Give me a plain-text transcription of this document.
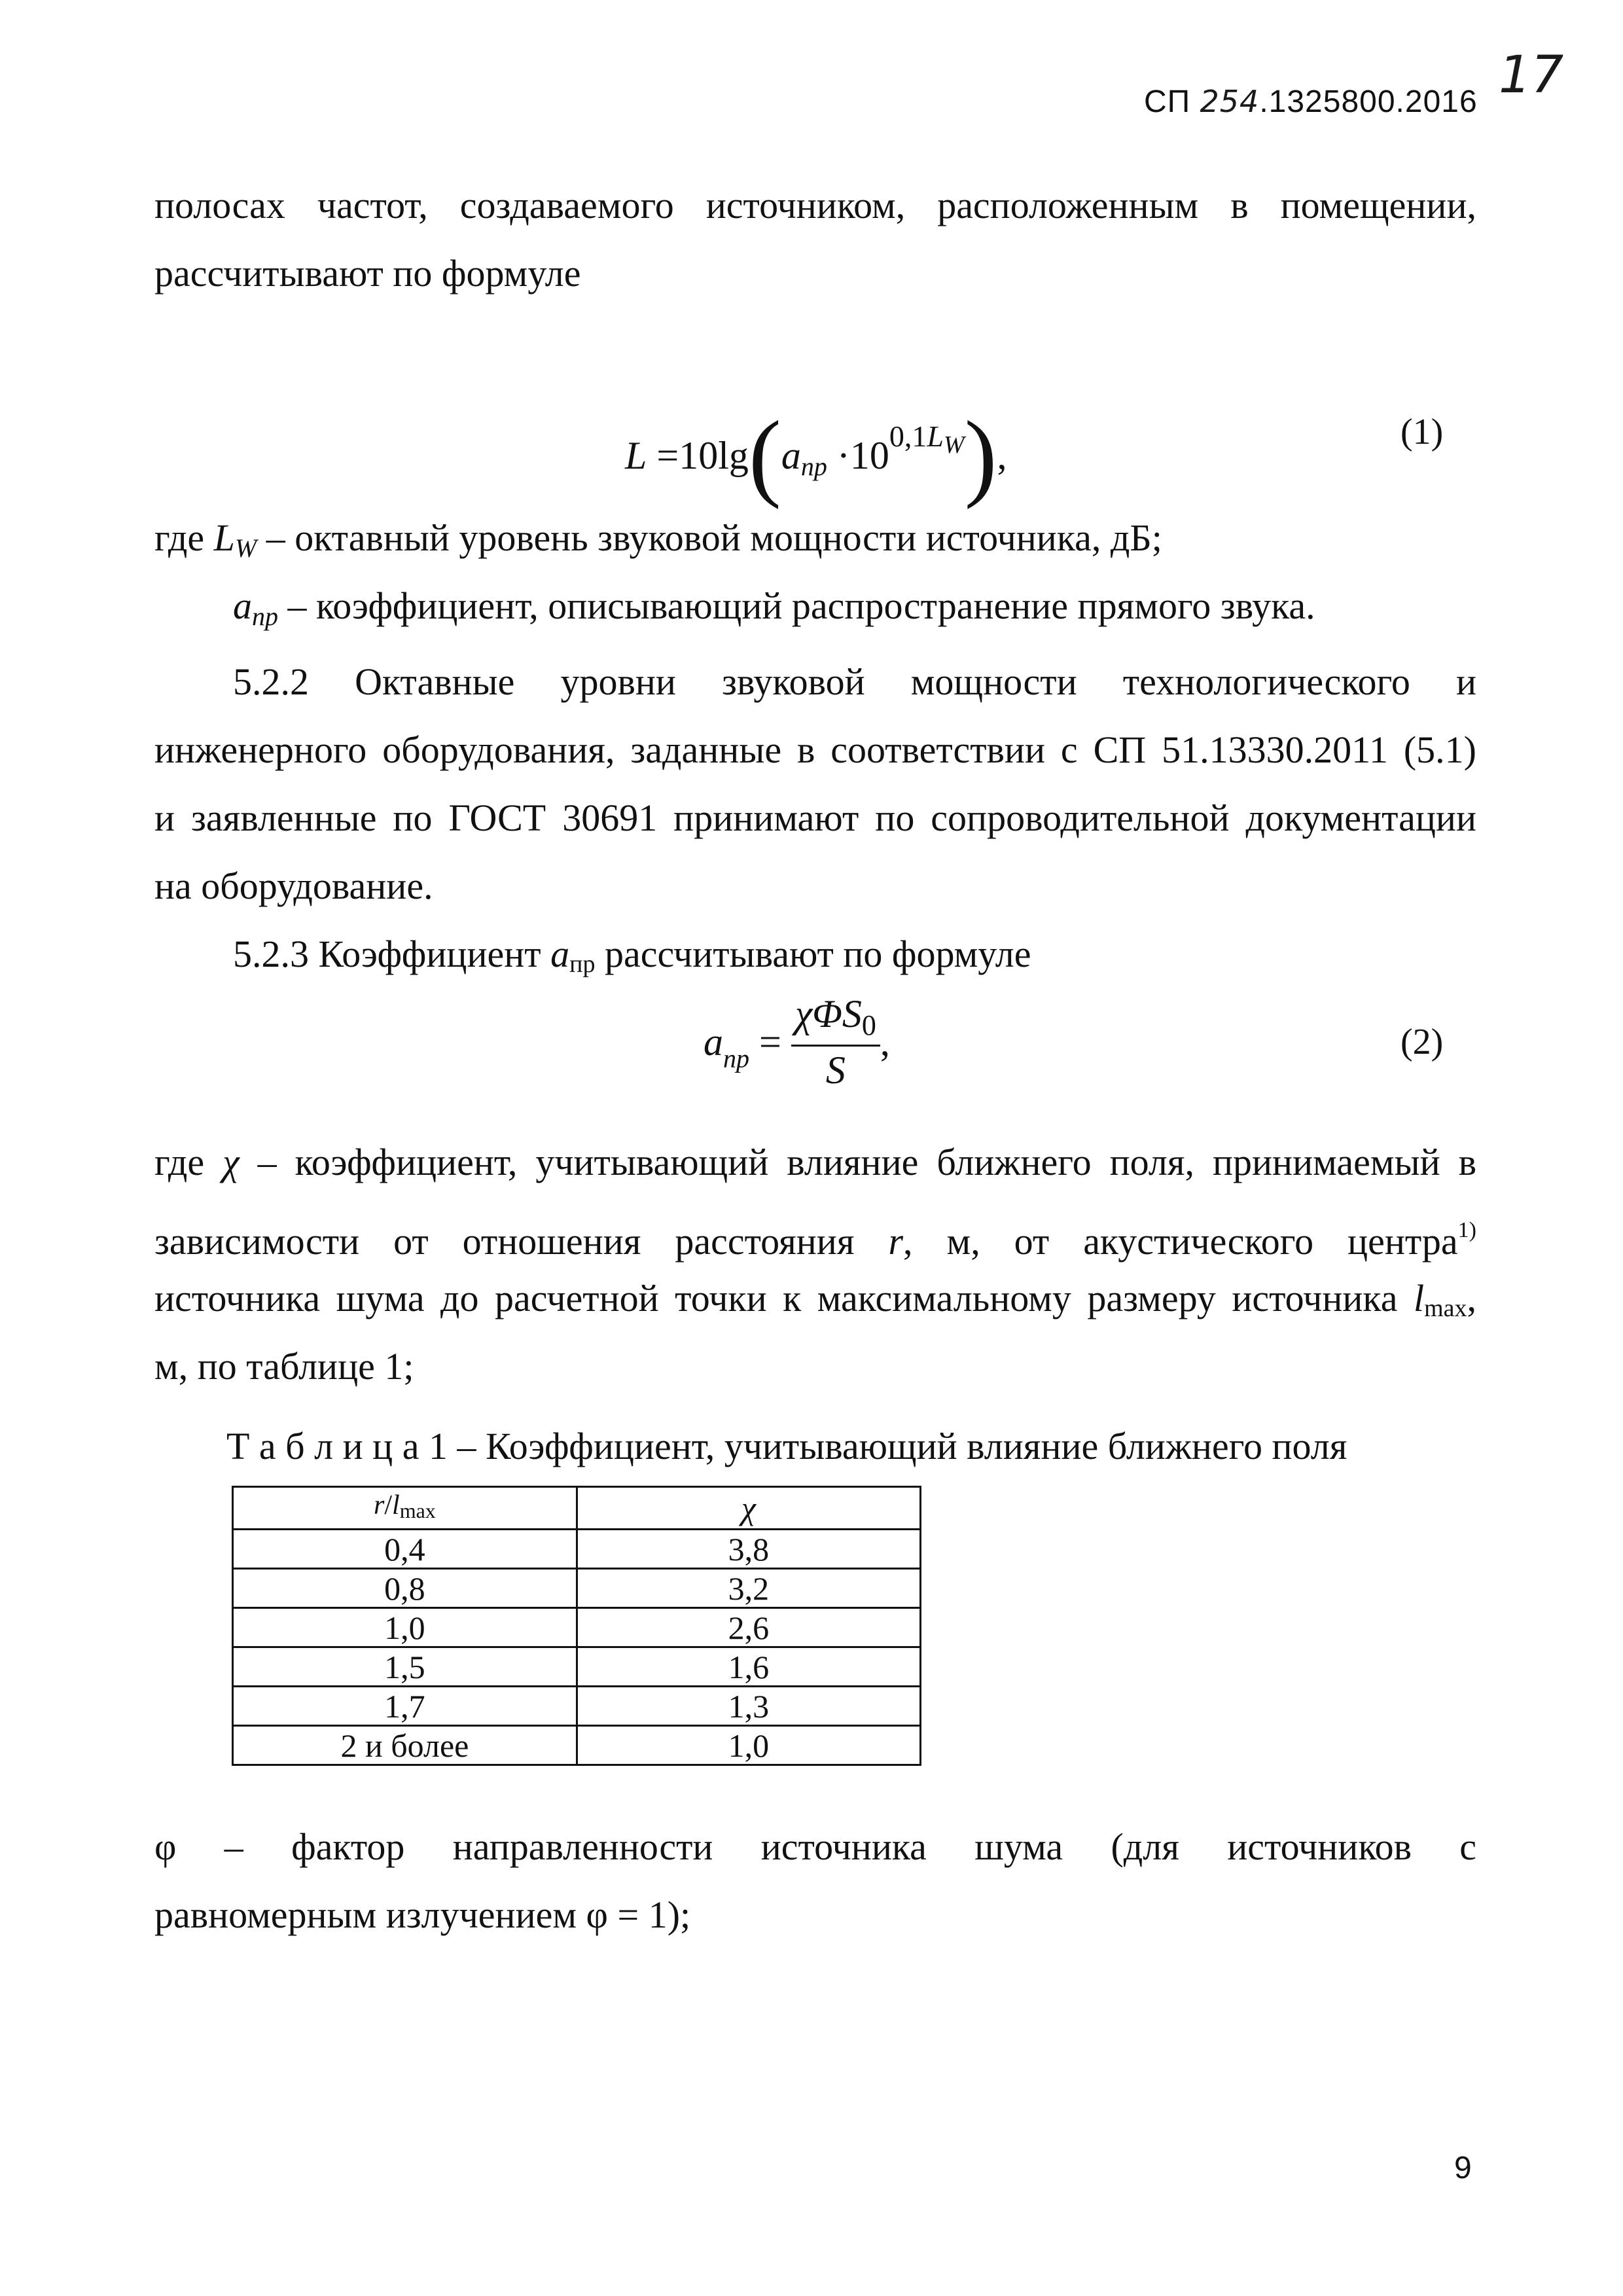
СП 254.1325800.2016 17
полосах частот, создаваемого источником, расположенным в помещении,
рассчитывают по формуле
$L =10\lg(a_{пр} \cdot 10^{0,1L_W})$,
(1)
где $L_W$ – октавный уровень звуковой мощности источника, дБ;
$a_{пр}$ – коэффициент, описывающий распространение прямого звука.
5.2.2 Октавные уровни звуковой мощности технологического и
инженерного оборудования, заданные в соответствии с СП 51.13330.2011 (5.1)
и заявленные по ГОСТ 30691 принимают по сопроводительной документации
на оборудование.
5.2.3 Коэффициент $a_{пр}$ рассчитывают по формуле
$a_{пр} = \frac{\chi\Phi S_0}{S}$ ,	(2)
где χ – коэффициент, учитывающий влияние ближнего поля, принимаемый в
зависимости от отношения расстояния r, м, от акустического центра$^{1)}$
источника шума до расчетной точки к максимальному размеру источника $l_{max}$,
м, по таблице 1;
Т а б л и ц а 1 – Коэффициент, учитывающий влияние ближнего поля
r/lmax	χ
0,4	3,8
0,8	3,2
1,0	2,6
1,5	1,6
1,7	1,3
2 и более	1,0
φ – фактор направленности источника шума (для источников с
равномерным излучением φ = 1);
9
